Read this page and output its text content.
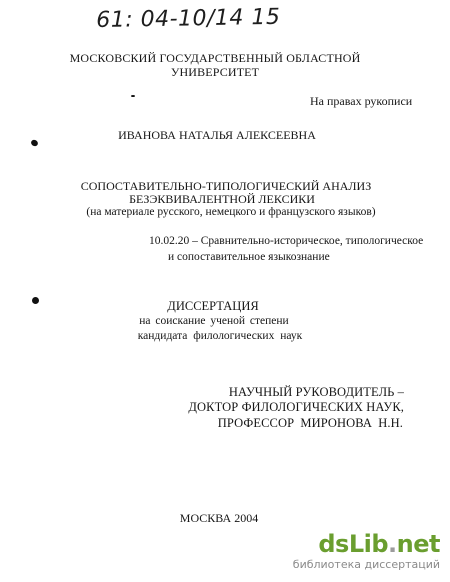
61: 04-10/14 15
МОСКОВСКИЙ ГОСУДАРСТВЕННЫЙ ОБЛАСТНОЙ
УНИВЕРСИТЕТ
На правах рукописи
ИВАНОВА НАТАЛЬЯ АЛЕКСЕЕВНА
СОПОСТАВИТЕЛЬНО-ТИПОЛОГИЧЕСКИЙ АНАЛИЗ
БЕЗЭКВИВАЛЕНТНОЙ ЛЕКСИКИ
(на материале русского, немецкого и французского языков)
10.02.20 – Сравнительно-историческое, типологическое
и сопоставительное языкознание
ДИССЕРТАЦИЯ
на соискание ученой степени
кандидата филологических наук
НАУЧНЫЙ РУКОВОДИТЕЛЬ –
ДОКТОР ФИЛОЛОГИЧЕСКИХ НАУК,
ПРОФЕССОР МИРОНОВА Н.Н.
МОСКВА 2004
dsLib.net
библиотека диссертаций
